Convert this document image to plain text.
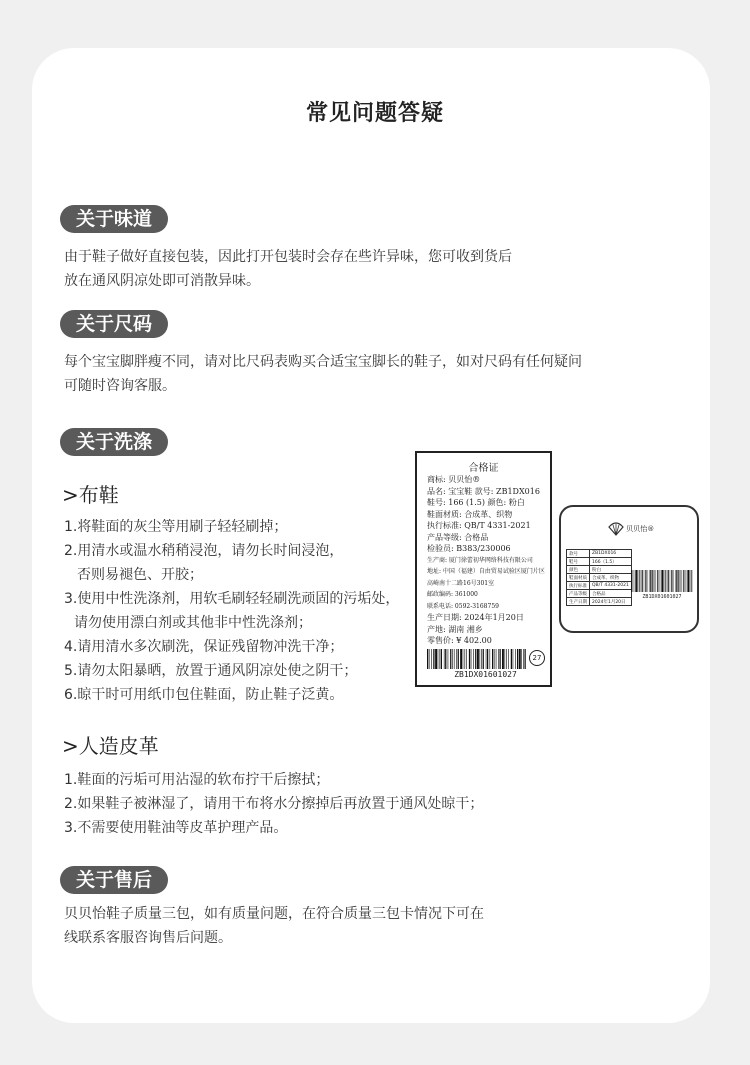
常见问题答疑
关于味道
由于鞋子做好直接包装，因此打开包装时会存在些许异味，您可收到货后
放在通风阴凉处即可消散异味。
关于尺码
每个宝宝脚胖瘦不同，请对比尺码表购买合适宝宝脚长的鞋子，如对尺码有任何疑问
可随时咨询客服。
关于洗涤
>布鞋
1.将鞋面的灰尘等用刷子轻轻刷掉；
2.用清水或温水稍稍浸泡，请勿长时间浸泡，
否则易褪色、开胶；
3.使用中性洗涤剂，用软毛刷轻轻刷洗顽固的污垢处，
请勿使用漂白剂或其他非中性洗涤剂；
4.请用清水多次刷洗，保证残留物冲洗干净；
5.请勿太阳暴晒，放置于通风阴凉处使之阴干；
6.晾干时可用纸巾包住鞋面，防止鞋子泛黄。
>人造皮革
1.鞋面的污垢可用沾湿的软布拧干后擦拭；
2.如果鞋子被淋湿了，请用干布将水分擦掉后再放置于通风处晾干；
3.不需要使用鞋油等皮革护理产品。
关于售后
贝贝怡鞋子质量三包，如有质量问题，在符合质量三包卡情况下可在
线联系客服咨询售后问题。
合格证
商标: 贝贝怡®
品名: 宝宝鞋 款号: ZB1DX016
鞋号: 166 (1.5) 颜色: 粉白
鞋面材质: 合成革、织物
执行标准: QB/T 4331-2021
产品等级: 合格品
检验员: B383/230006
生产商: 厦门徐蕾初华网络科技有限公司
地址: 中国（福建）自由贸易试验区厦门片区
高崎南十二路16号301室
邮政编码: 361000
联系电话: 0592-3168759
生产日期: 2024年1月20日
产地: 湖南 湘乡
零售价: ¥ 402.00
27
ZB1DX01601027
贝贝怡®
款号	ZB1DX016
鞋号	166（1.5）
颜色	粉白
鞋面材质	合成革、织物
执行标准	QB/T 4331-2021
产品等级	合格品
生产日期	2024年1月20日
ZB1DX01601027
